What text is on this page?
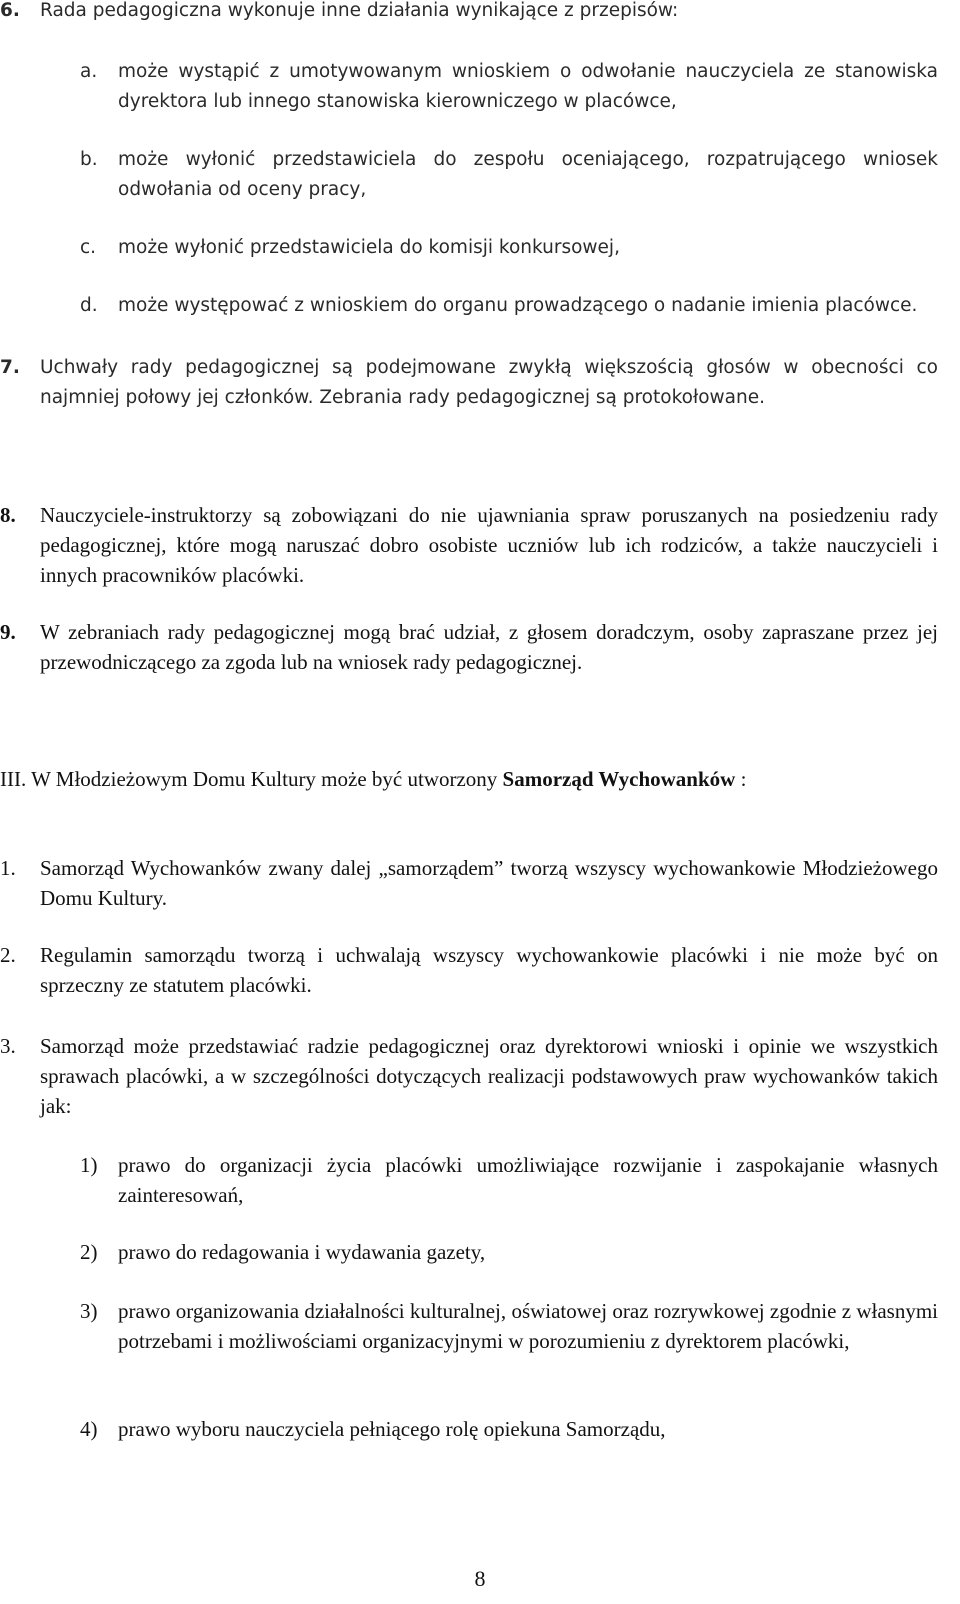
6. Rada pedagogiczna wykonuje inne działania wynikające z przepisów:
a. może wystąpić z umotywowanym wnioskiem o odwołanie nauczyciela ze stanowiska dyrektora lub innego stanowiska kierowniczego w placówce,
b. może wyłonić przedstawiciela do zespołu oceniającego, rozpatrującego wniosek odwołania od oceny pracy,
c. może wyłonić przedstawiciela do komisji konkursowej,
d. może występować z wnioskiem do organu prowadzącego o nadanie imienia placówce.
7. Uchwały rady pedagogicznej są podejmowane zwykłą większością głosów w obecności co najmniej połowy jej członków. Zebrania rady pedagogicznej są protokołowane.
8. Nauczyciele-instruktorzy są zobowiązani do nie ujawniania spraw poruszanych na posiedzeniu rady pedagogicznej, które mogą naruszać dobro osobiste uczniów lub ich rodziców, a także nauczycieli i innych pracowników placówki.
9. W zebraniach rady pedagogicznej mogą brać udział, z głosem doradczym, osoby zapraszane przez jej przewodniczącego za zgoda lub na wniosek rady pedagogicznej.
III. W Młodzieżowym Domu Kultury może być utworzony Samorząd Wychowanków :
1. Samorząd Wychowanków zwany dalej „samorządem” tworzą wszyscy wychowankowie Młodzieżowego Domu Kultury.
2. Regulamin samorządu tworzą i uchwalają wszyscy wychowankowie placówki i nie może być on sprzeczny ze statutem placówki.
3. Samorząd może przedstawiać radzie pedagogicznej oraz dyrektorowi wnioski i opinie we wszystkich sprawach placówki, a w szczególności dotyczących realizacji podstawowych praw wychowanków takich jak:
1) prawo do organizacji życia placówki umożliwiające rozwijanie i zaspokajanie własnych zainteresowań,
2) prawo do redagowania i wydawania gazety,
3) prawo organizowania działalności kulturalnej, oświatowej oraz rozrywkowej zgodnie z własnymi potrzebami i możliwościami organizacyjnymi w porozumieniu z dyrektorem placówki,
4) prawo wyboru nauczyciela pełniącego rolę opiekuna Samorządu,
8
